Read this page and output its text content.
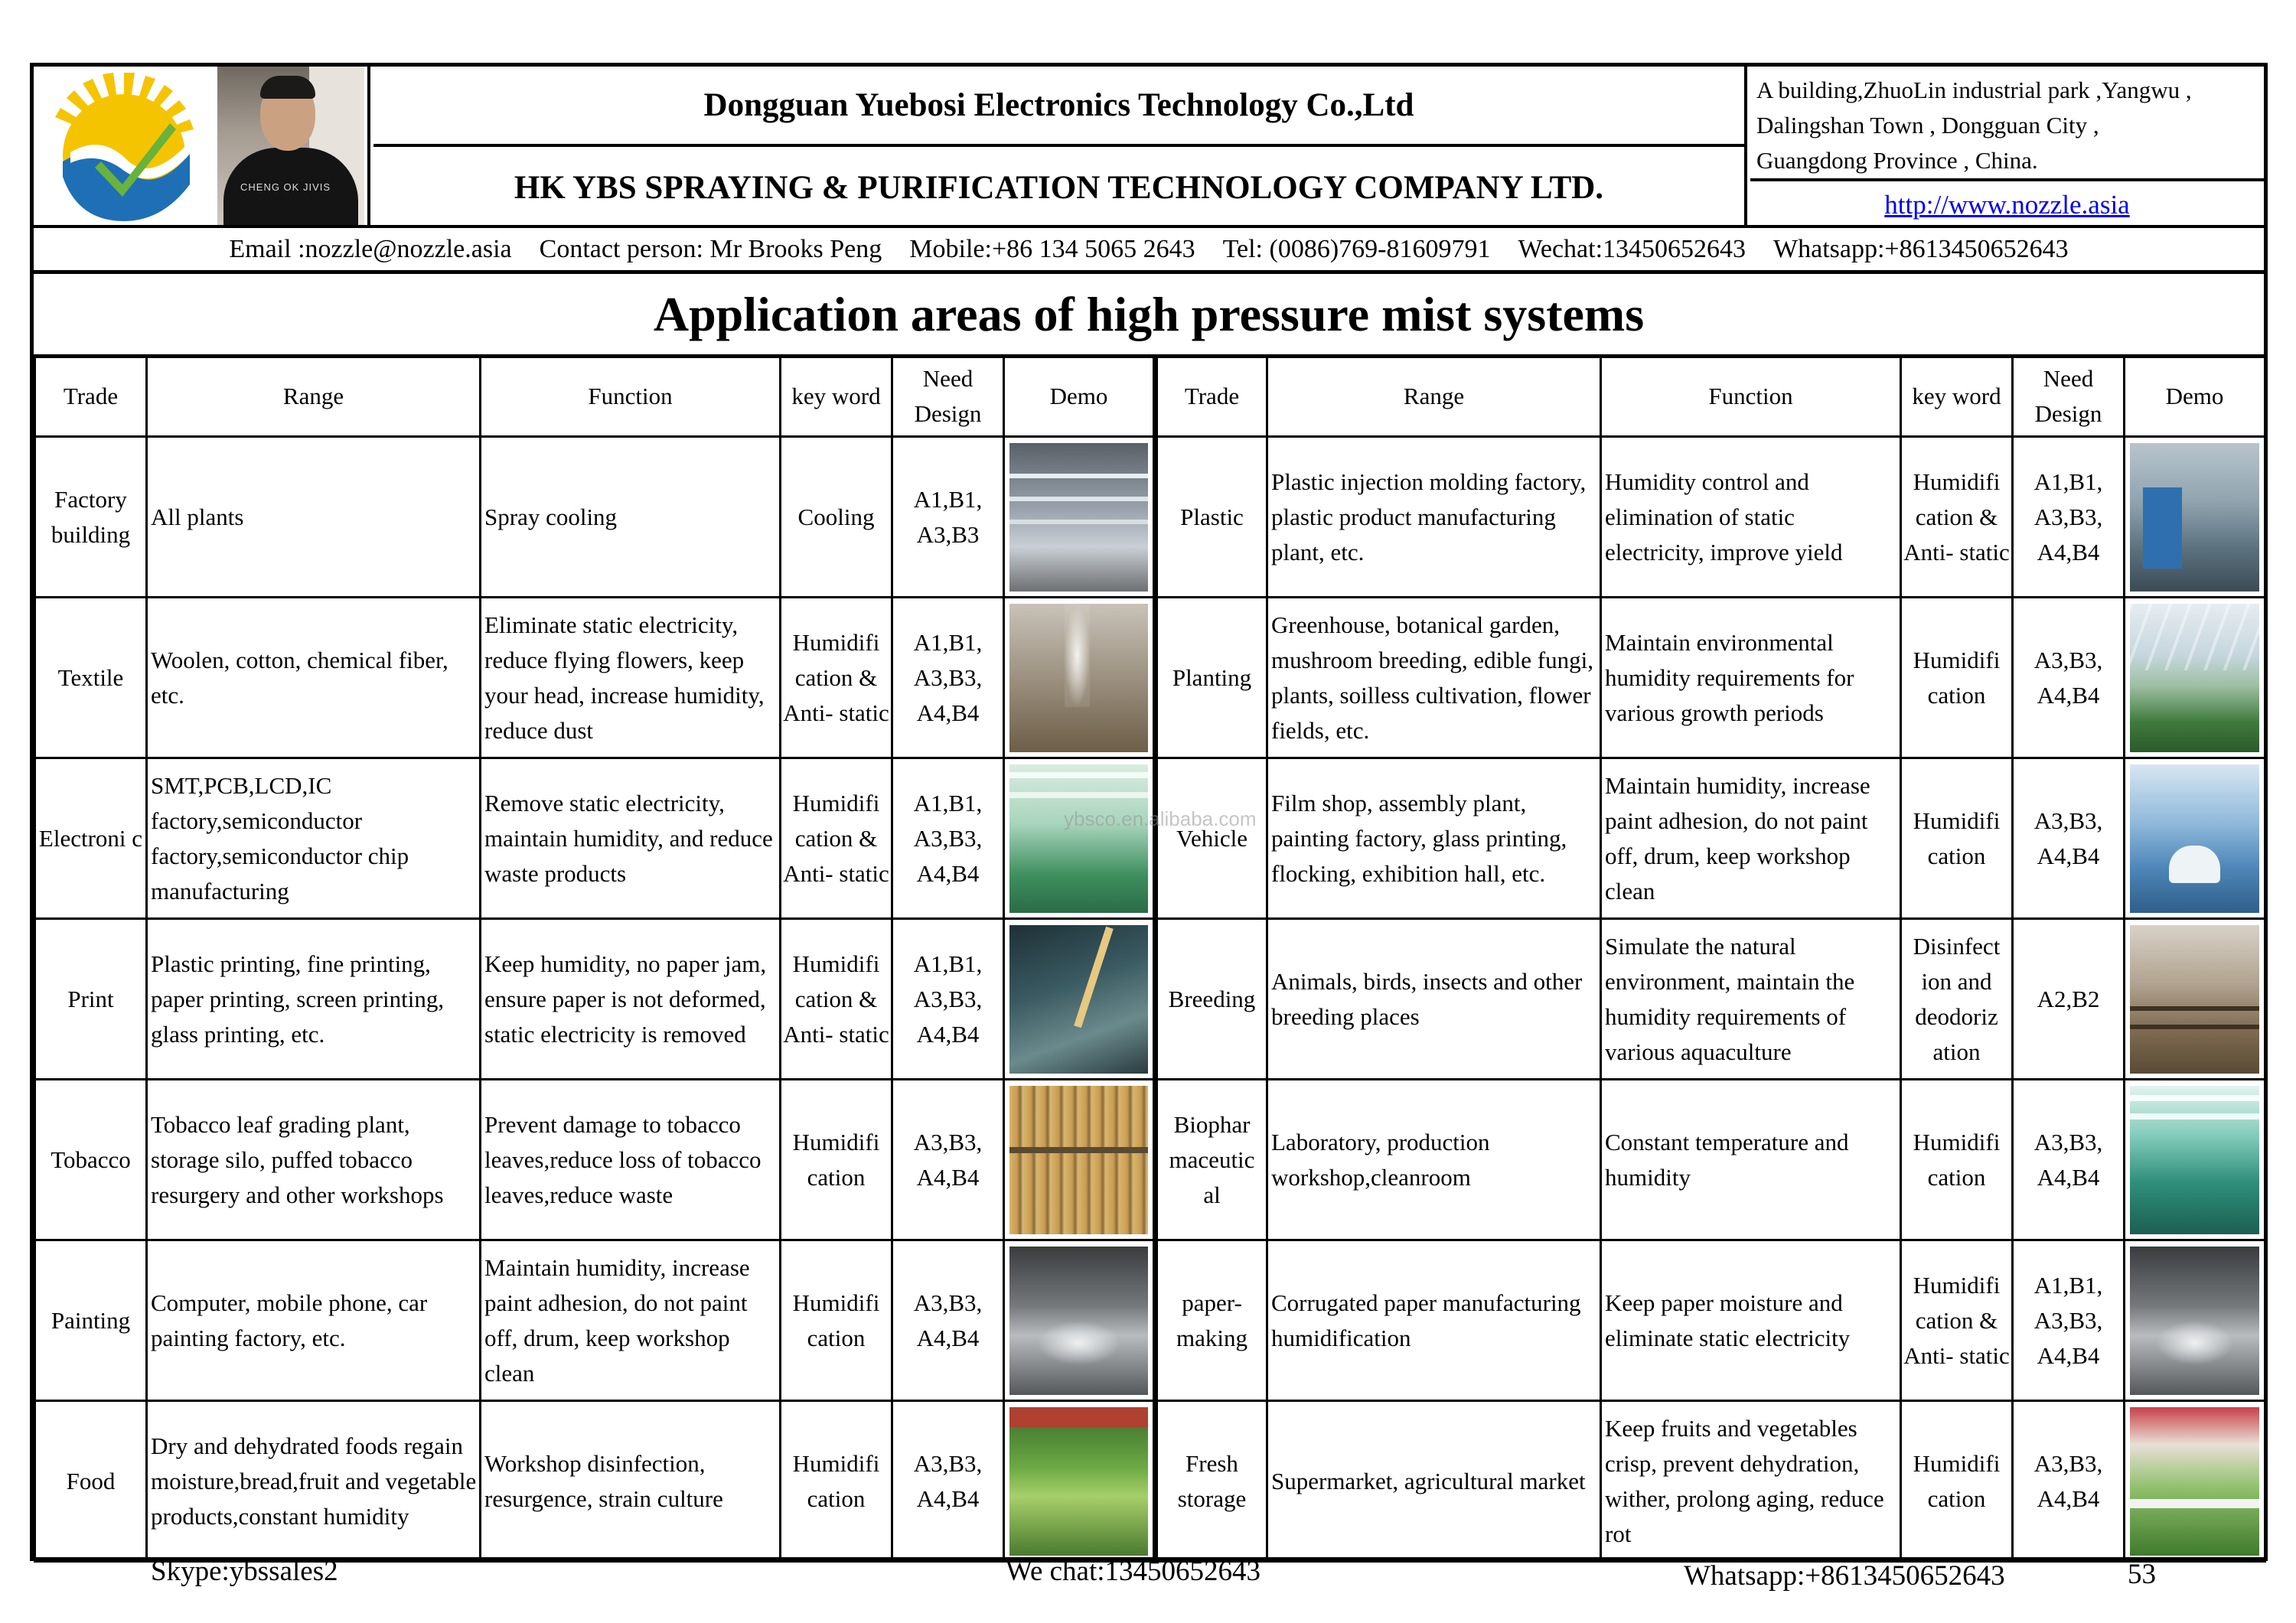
CHENG OK JIVIS
Dongguan Yuebosi Electronics Technology Co.,Ltd
HK YBS SPRAYING & PURIFICATION TECHNOLOGY COMPANY LTD.
A building,ZhuoLin industrial park ,Yangwu ,
Dalingshan Town , Dongguan City ,
Guangdong Province , China.
http://www.nozzle.asia
Email :nozzle@nozzle.asia Contact person: Mr Brooks Peng Mobile:+86 134 5065 2643 Tel: (0086)769-81609791 Wechat:13450652643 Whatsapp:+8613450652643
Application areas of high pressure mist systems
Trade	Range	Function	key word	Need Design	Demo	Trade	Range	Function	key word	Need Design	Demo
Factory building	All plants	Spray cooling	Cooling	A1,B1, A3,B3		Plastic	Plastic injection molding factory, plastic product manufacturing plant, etc.	Humidity control and elimination of static electricity, improve yield	Humidifi cation & Anti- static	A1,B1, A3,B3, A4,B4	

Textile	Woolen, cotton, chemical fiber, etc.	Eliminate static electricity, reduce flying flowers, keep your head, increase humidity, reduce dust	Humidifi cation & Anti- static	A1,B1, A3,B3, A4,B4		Planting	Greenhouse, botanical garden, mushroom breeding, edible fungi, plants, soilless cultivation, flower fields, etc.	Maintain environmental humidity requirements for various growth periods	Humidifi cation	A3,B3, A4,B4	

Electroni c	SMT,PCB,LCD,IC factory,semiconductor factory,semiconductor chip manufacturing	Remove static electricity, maintain humidity, and reduce waste products	Humidifi cation & Anti- static	A1,B1, A3,B3, A4,B4		Vehicle	Film shop, assembly plant, painting factory, glass printing, flocking, exhibition hall, etc.	Maintain humidity, increase paint adhesion, do not paint off, drum, keep workshop clean	Humidifi cation	A3,B3, A4,B4	

Print	Plastic printing, fine printing, paper printing, screen printing, glass printing, etc.	Keep humidity, no paper jam, ensure paper is not deformed, static electricity is removed	Humidifi cation & Anti- static	A1,B1, A3,B3, A4,B4		Breeding	Animals, birds, insects and other breeding places	Simulate the natural environment, maintain the humidity requirements of various aquaculture	Disinfect ion and deodoriz ation	A2,B2	

Tobacco	Tobacco leaf grading plant, storage silo, puffed tobacco resurgery and other workshops	Prevent damage to tobacco leaves,reduce loss of tobacco leaves,reduce waste	Humidifi cation	A3,B3, A4,B4		Biophar maceutic al	Laboratory, production workshop,cleanroom	Constant temperature and humidity	Humidifi cation	A3,B3, A4,B4	

Painting	Computer, mobile phone, car painting factory, etc.	Maintain humidity, increase paint adhesion, do not paint off, drum, keep workshop clean	Humidifi cation	A3,B3, A4,B4		paper- making	Corrugated paper manufacturing humidification	Keep paper moisture and eliminate static electricity	Humidifi cation & Anti- static	A1,B1, A3,B3, A4,B4	

Food	Dry and dehydrated foods regain moisture,bread,fruit and vegetable products,constant humidity	Workshop disinfection, resurgence, strain culture	Humidifi cation	A3,B3, A4,B4		Fresh storage	Supermarket, agricultural market	Keep fruits and vegetables crisp, prevent dehydration, wither, prolong aging, reduce rot	Humidifi cation	A3,B3, A4,B4	
ybsco.en.alibaba.com
Skype:ybssales2	We chat:13450652643	Whatsapp:+8613450652643	53
